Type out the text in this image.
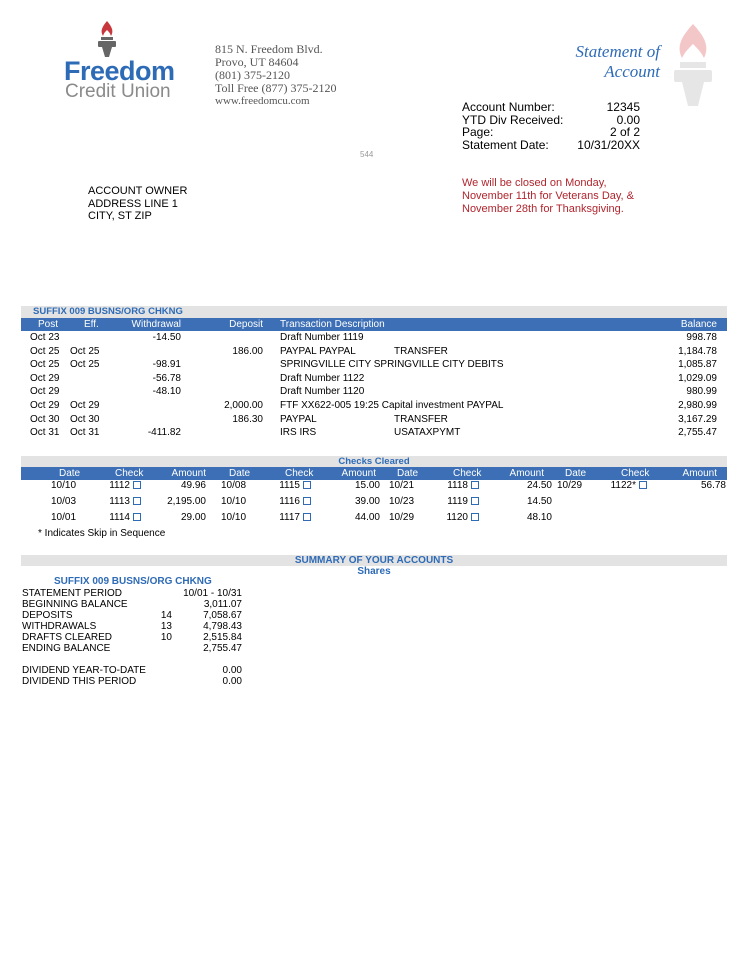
Freedom
Credit Union
815 N. Freedom Blvd.
Provo, UT 84604
(801) 375-2120
Toll Free (877) 375-2120
www.freedomcu.com
Statement of
Account
Account Number:	12345
YTD Div Received:	0.00
Page:	2 of 2
Statement Date: 10/31/20XX
544
We will be closed on Monday,
November 11th for Veterans Day, &
November 28th for Thanksgiving.
ACCOUNT OWNER
ADDRESS LINE 1
CITY, ST ZIP
SUFFIX 009 BUSNS/ORG CHKNG
Post	Eff.	Withdrawal	Deposit Transaction Description	Balance
Oct 23	-14.50	Draft Number 1119	998.78
Oct 25 Oct 25	186.00 PAYPAL PAYPAL	TRANSFER	1,184.78
Oct 25 Oct 25	-98.91	SPRINGVILLE CITY SPRINGVILLE CITY DEBITS	1,085.87
Oct 29	-56.78	Draft Number 1122	1,029.09
Oct 29	-48.10	Draft Number 1120	980.99
Oct 29 Oct 29	2,000.00 FTF XX622-005 19:25 Capital investment PAYPAL	2,980.99
Oct 30 Oct 30	186.30 PAYPAL	TRANSFER	3,167.29
Oct 31 Oct 31	-411.82	IRS IRS	USATAXPYMT	2,755.47
Checks Cleared
Date	Check	Amount Date	Check	Amount Date	Check	Amount Date	Check	Amount
10/10	1112	49.96 10/08	1115	15.00 10/21	1118	24.50 10/29	1122*	56.78
10/03	1113	2,195.00 10/10	1116	39.00 10/23	1119	14.50
10/01	1114	29.00 10/10	1117	44.00 10/29	1120	48.10
* Indicates Skip in Sequence
SUMMARY OF YOUR ACCOUNTS
Shares
SUFFIX 009 BUSNS/ORG CHKNG
STATEMENT PERIOD	10/01 - 10/31
BEGINNING BALANCE	3,011.07
DEPOSITS	14	7,058.67
WITHDRAWALS	13	4,798.43
DRAFTS CLEARED	10	2,515.84
ENDING BALANCE	2,755.47
DIVIDEND YEAR-TO-DATE	0.00
DIVIDEND THIS PERIOD	0.00
